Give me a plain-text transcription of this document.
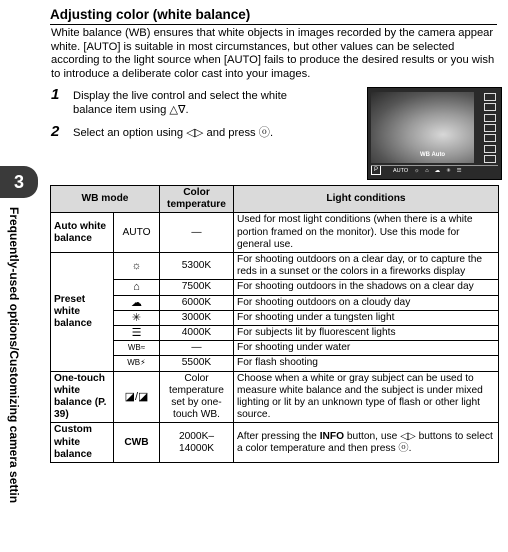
Adjusting color (white balance)
White balance (WB) ensures that white objects in images recorded by the camera appear white. [AUTO] is suitable in most circumstances, but other values can be selected according to the light source when [AUTO] fails to produce the desired results or you wish to introduce a deliberate color cast into your images.
1 Display the live control and select the white balance item using △∇.
2 Select an option using ◁▷ and press ⓞ.
WB Auto
P	AUTO ☼ ⌂ ☁ ✳ ☰
3
Frequently-used options/Customizing camera settin
WB mode		Color temperature	Light conditions
Auto white balance	AUTO	—	Used for most light conditions (when there is a white portion framed on the monitor). Use this mode for general use.
Preset white balance	☼	5300K	For shooting outdoors on a clear day, or to capture the reds in a sunset or the colors in a fireworks display
	⌂	7500K	For shooting outdoors in the shadows on a clear day
	☁	6000K	For shooting outdoors on a cloudy day
	✳	3000K	For shooting under a tungsten light
	☰	4000K	For subjects lit by fluorescent lights
	WB≈	—	For shooting under water
	WB⚡	5500K	For flash shooting
One-touch white balance (P. 39)	◪/◪	Color temperature set by one-touch WB.	Choose when a white or gray subject can be used to measure white balance and the subject is under mixed lighting or lit by an unknown type of flash or other light source.
Custom white balance	CWB	2000K– 14000K	After pressing the INFO button, use ◁▷ buttons to select a color temperature and then press ⓞ.
